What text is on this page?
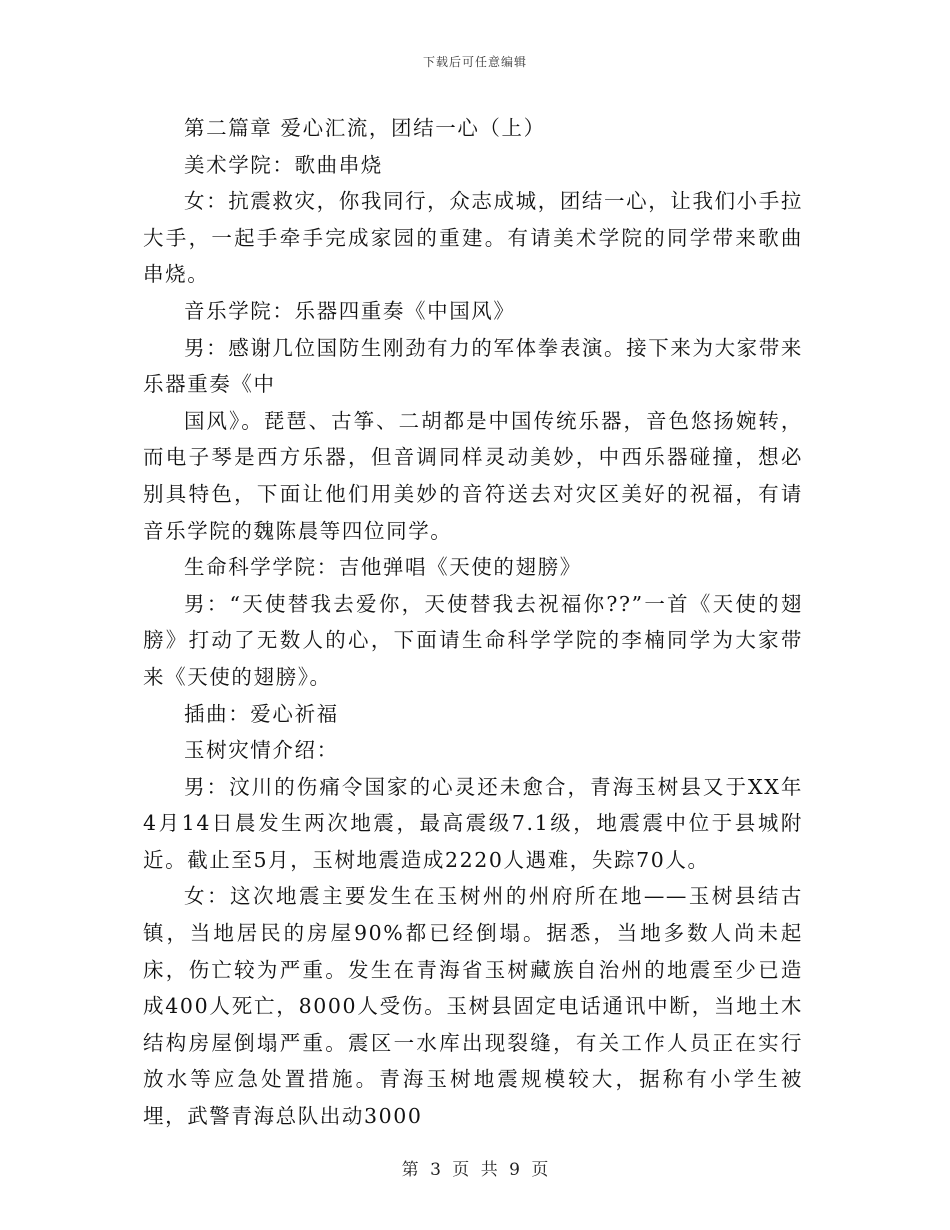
下载后可任意编辑

第二篇章 爱心汇流，团结一心（上）

美术学院：歌曲串烧

女：抗震救灾，你我同行，众志成城，团结一心，让我们小手拉大手，一起手牵手完成家园的重建。有请美术学院的同学带来歌曲串烧。

音乐学院：乐器四重奏《中国风》

男：感谢几位国防生刚劲有力的军体拳表演。接下来为大家带来乐器重奏《中

国风》。琵琶、古筝、二胡都是中国传统乐器，音色悠扬婉转，而电子琴是西方乐器，但音调同样灵动美妙，中西乐器碰撞，想必别具特色，下面让他们用美妙的音符送去对灾区美好的祝福，有请音乐学院的魏陈晨等四位同学。

生命科学学院：吉他弹唱《天使的翅膀》

男：“天使替我去爱你，天使替我去祝福你??”一首《天使的翅膀》打动了无数人的心，下面请生命科学学院的李楠同学为大家带来《天使的翅膀》。

插曲：爱心祈福

玉树灾情介绍：

男：汶川的伤痛令国家的心灵还未愈合，青海玉树县又于XX年4月14日晨发生两次地震，最高震级7.1级，地震震中位于县城附近。截止至5月，玉树地震造成2220人遇难，失踪70人。

女：这次地震主要发生在玉树州的州府所在地——玉树县结古镇，当地居民的房屋90%都已经倒塌。据悉，当地多数人尚未起床，伤亡较为严重。发生在青海省玉树藏族自治州的地震至少已造成400人死亡，8000人受伤。玉树县固定电话通讯中断，当地土木结构房屋倒塌严重。震区一水库出现裂缝，有关工作人员正在实行放水等应急处置措施。青海玉树地震规模较大，据称有小学生被埋，武警青海总队出动3000

第 3 页 共 9 页
